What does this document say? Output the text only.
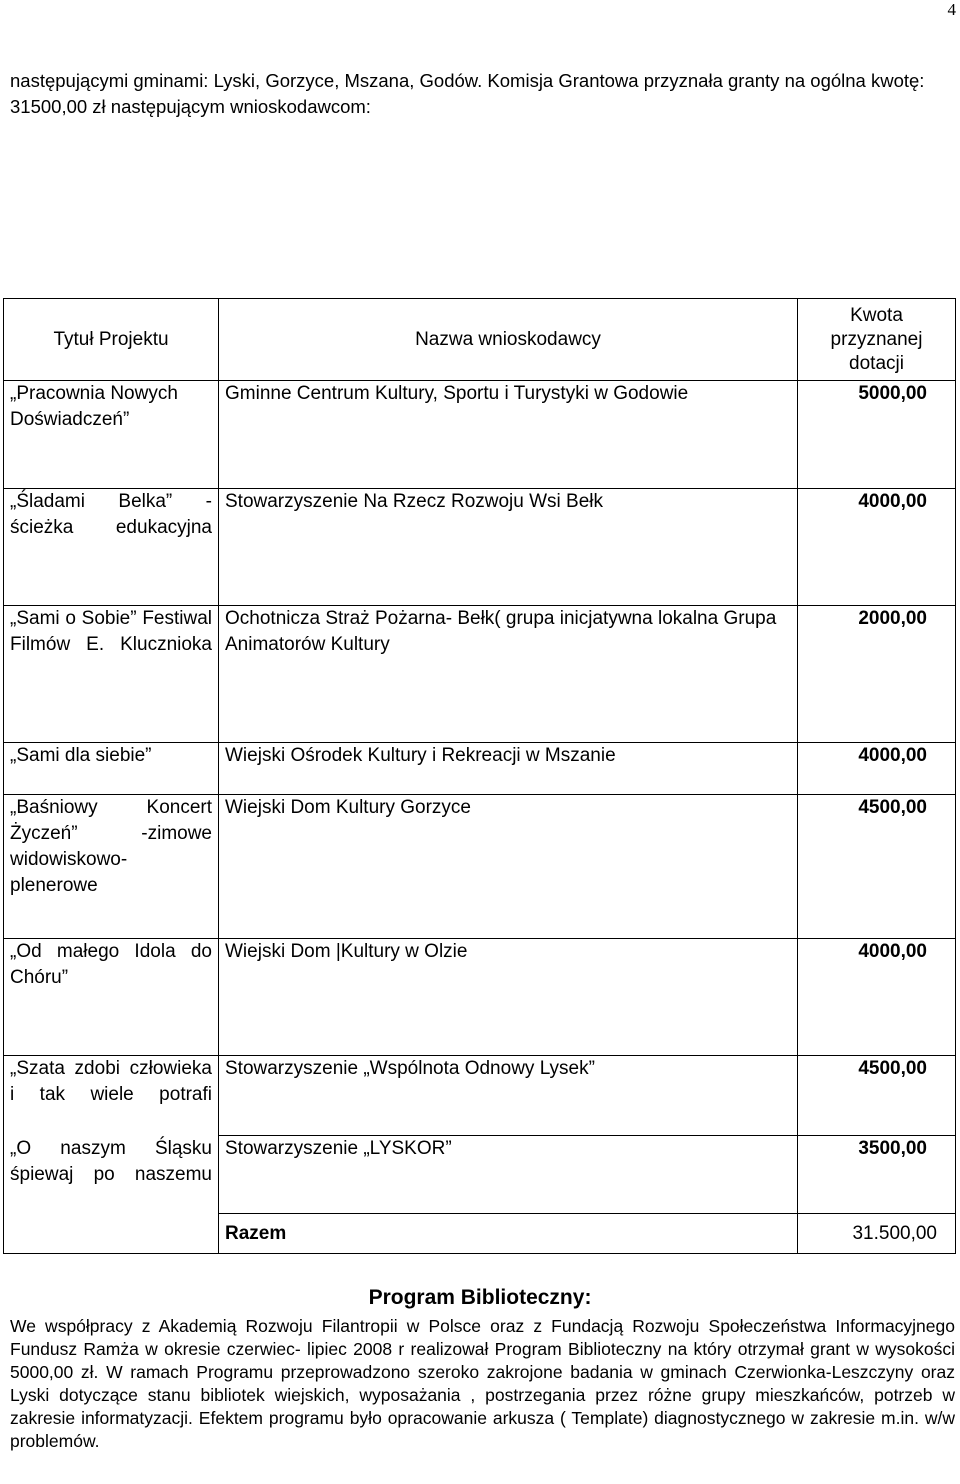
4
następującymi gminami: Lyski, Gorzyce, Mszana, Godów. Komisja Grantowa przyznała granty na ogólna kwotę:
31500,00 zł następującym wnioskodawcom:
Tytuł Projektu	Nazwa wnioskodawcy	Kwota przyznanej dotacji
„Pracownia Nowych Doświadczeń”	Gminne Centrum Kultury, Sportu i Turystyki w Godowie	5000,00
„Śladami Belka” - ścieżka edukacyjna	Stowarzyszenie Na Rzecz Rozwoju Wsi Bełk	4000,00
„Sami o Sobie” Festiwal Filmów E. Klucznioka	Ochotnicza Straż Pożarna- Bełk( grupa inicjatywna lokalna Grupa Animatorów Kultury	2000,00
„Sami dla siebie”	Wiejski Ośrodek Kultury i Rekreacji w Mszanie	4000,00
„Baśniowy Koncert Życzeń” -zimowe widowiskowo-plenerowe	Wiejski Dom Kultury Gorzyce	4500,00
„Od małego Idola do Chóru”	Wiejski Dom |Kultury w Olzie	4000,00
„Szata zdobi człowieka i tak wiele potrafi	Stowarzyszenie „Wspólnota Odnowy Lysek”	4500,00
„O naszym Śląsku śpiewaj po naszemu	Stowarzyszenie „LYSKOR”	3500,00
	Razem	31.500,00
Program Biblioteczny:
We współpracy z Akademią Rozwoju Filantropii w Polsce oraz z Fundacją Rozwoju Społeczeństwa Informacyjnego Fundusz Ramża w okresie czerwiec- lipiec 2008 r realizował Program Biblioteczny na który otrzymał grant w wysokości 5000,00 zł. W ramach Programu przeprowadzono szeroko zakrojone badania w gminach Czerwionka-Leszczyny oraz Lyski dotyczące stanu bibliotek wiejskich, wyposażania , postrzegania przez różne grupy mieszkańców, potrzeb w zakresie informatyzacji. Efektem programu było opracowanie arkusza ( Template) diagnostycznego w zakresie m.in. w/w problemów.
